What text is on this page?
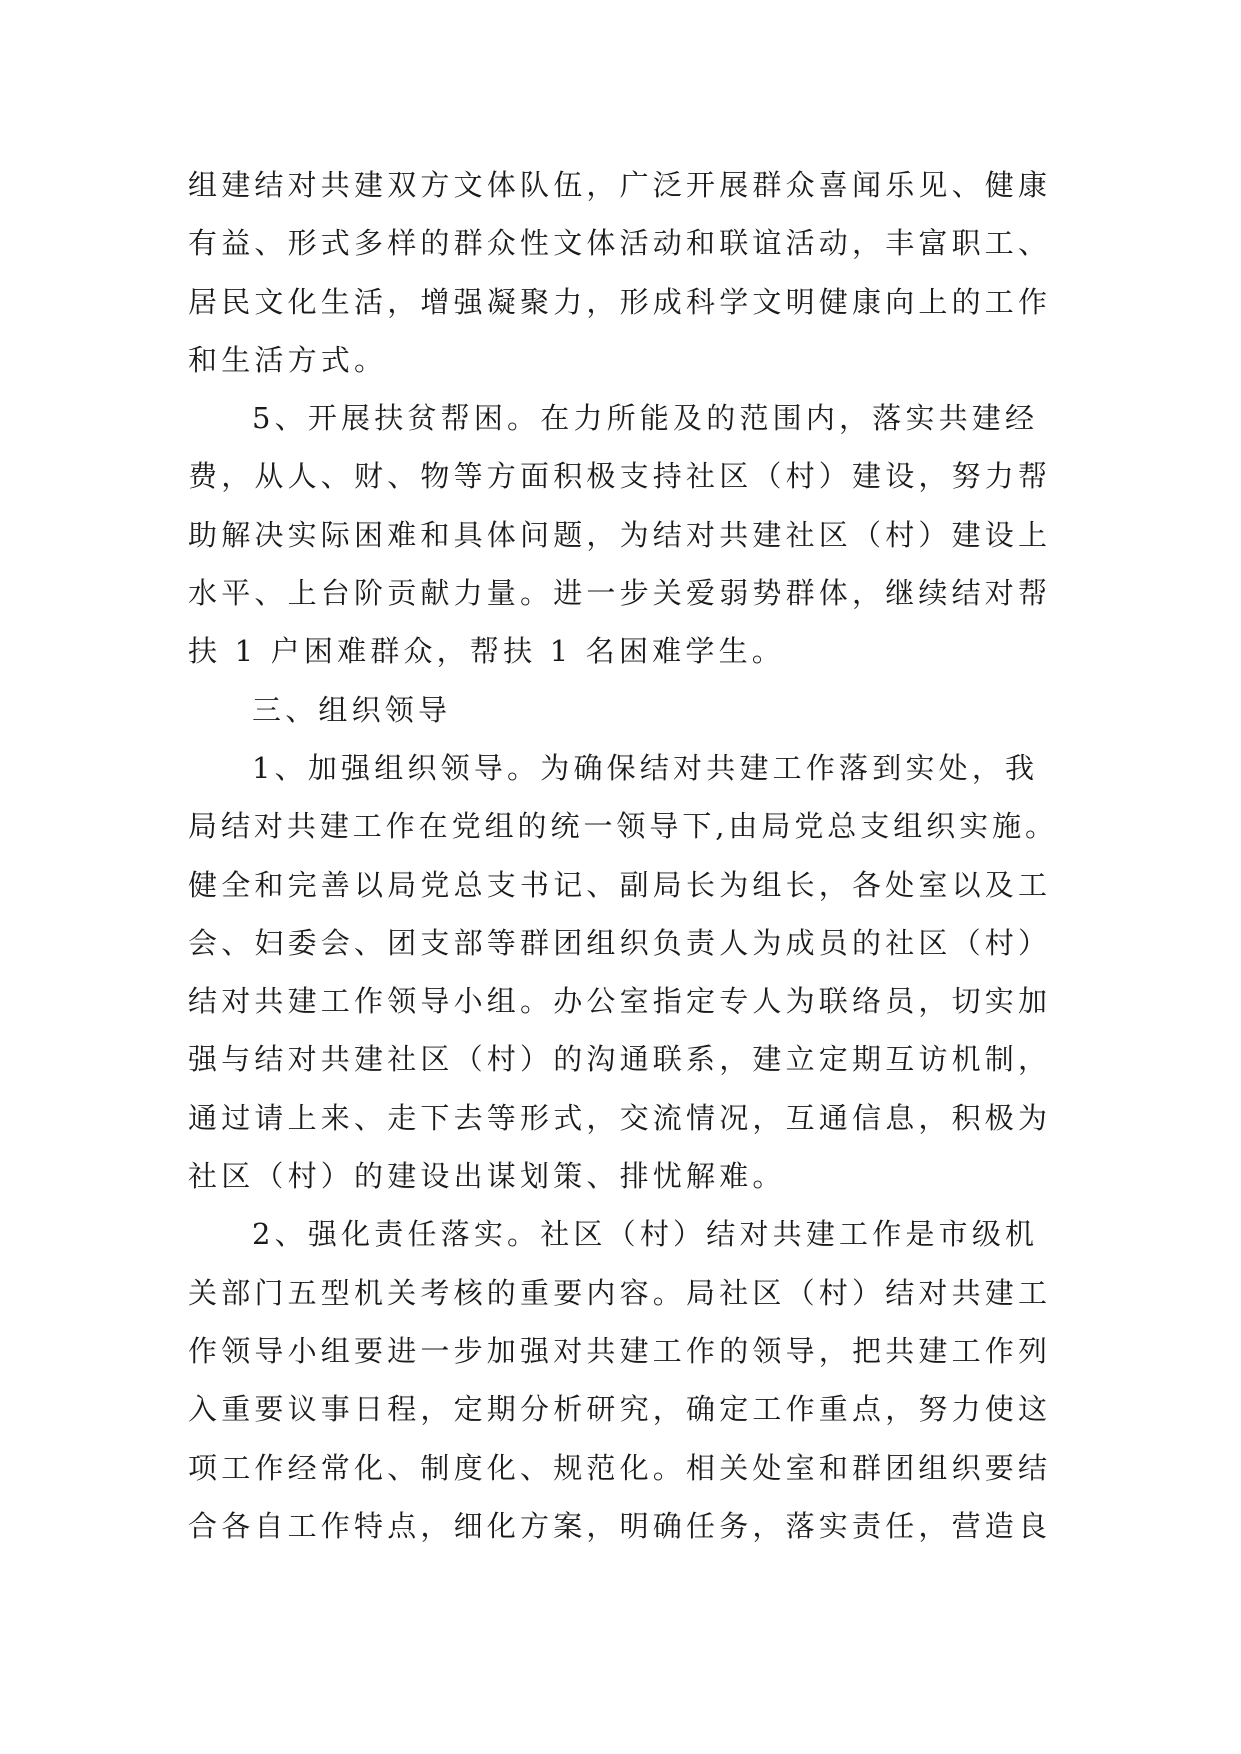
组建结对共建双方文体队伍，广泛开展群众喜闻乐见、健康
有益、形式多样的群众性文体活动和联谊活动，丰富职工、
居民文化生活，增强凝聚力，形成科学文明健康向上的工作
和生活方式。
5、开展扶贫帮困。在力所能及的范围内，落实共建经
费，从人、财、物等方面积极支持社区（村）建设，努力帮
助解决实际困难和具体问题，为结对共建社区（村）建设上
水平、上台阶贡献力量。进一步关爱弱势群体，继续结对帮
扶 1 户困难群众，帮扶 1 名困难学生。
三、组织领导
1、加强组织领导。为确保结对共建工作落到实处，我
局结对共建工作在党组的统一领导下,由局党总支组织实施。
健全和完善以局党总支书记、副局长为组长，各处室以及工
会、妇委会、团支部等群团组织负责人为成员的社区（村）
结对共建工作领导小组。办公室指定专人为联络员，切实加
强与结对共建社区（村）的沟通联系，建立定期互访机制，
通过请上来、走下去等形式，交流情况，互通信息，积极为
社区（村）的建设出谋划策、排忧解难。
2、强化责任落实。社区（村）结对共建工作是市级机
关部门五型机关考核的重要内容。局社区（村）结对共建工
作领导小组要进一步加强对共建工作的领导，把共建工作列
入重要议事日程，定期分析研究，确定工作重点，努力使这
项工作经常化、制度化、规范化。相关处室和群团组织要结
合各自工作特点，细化方案，明确任务，落实责任，营造良
